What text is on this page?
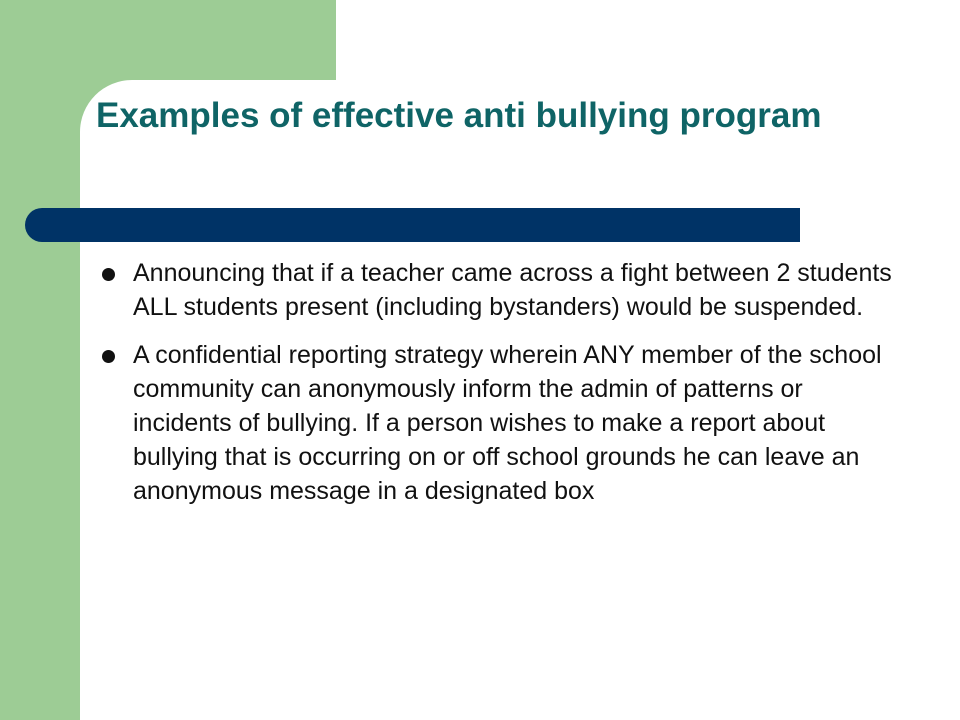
Examples of effective anti bullying program
Announcing that if a teacher came across a fight between 2 students ALL students present (including bystanders) would be suspended.
A confidential reporting strategy wherein ANY member of the school community can anonymously inform the admin of patterns or incidents of bullying. If a person wishes to make a report about bullying that is occurring on or off school grounds he can leave an anonymous message in a designated box
